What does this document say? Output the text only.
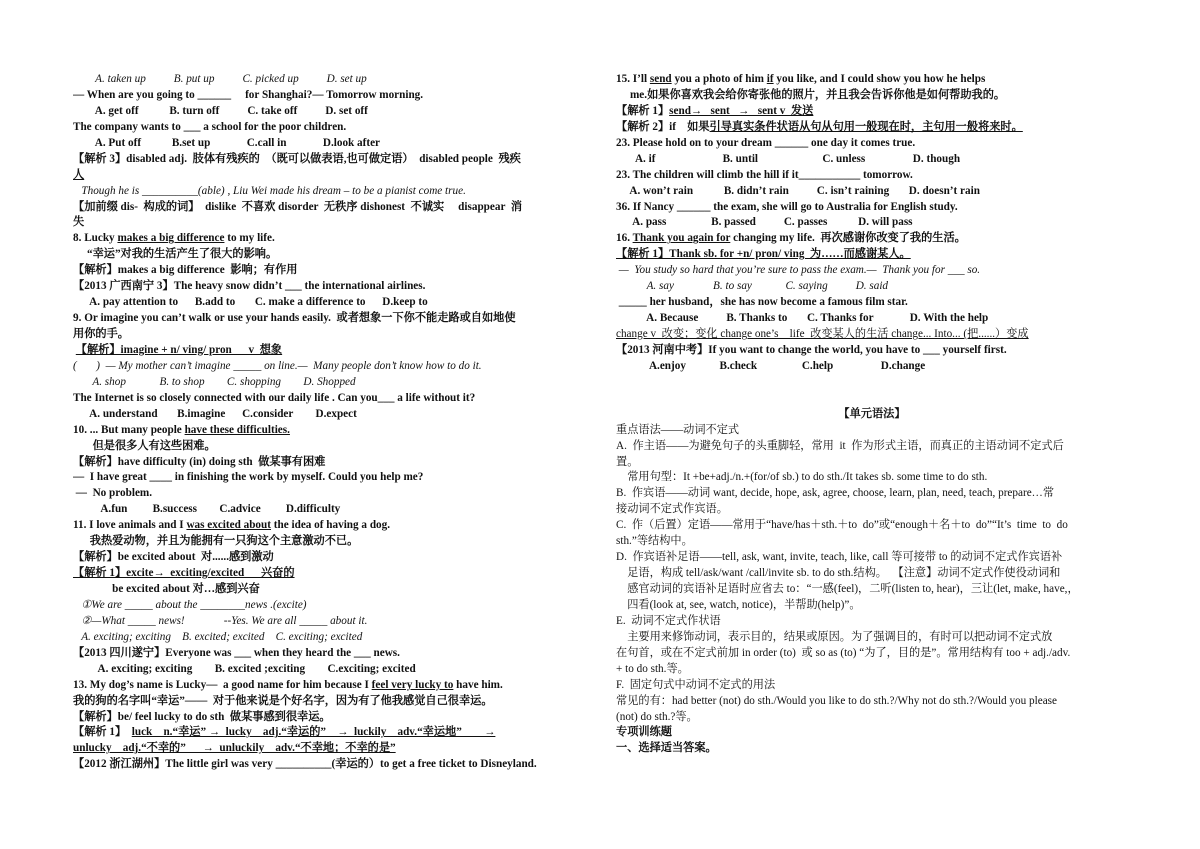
A. taken up          B. put up          C. picked up          D. set up
— When are you going to ______     for Shanghai?— Tomorrow morning.
A. get off           B. turn off          C. take off          D. set off
The company wants to ___ a school for the poor children.
A. Put off           B.set up             C.call in             D.look after
【解析 3】disabled adj.  肢体有残疾的  （既可以做表语,也可做定语）  disabled people  残疾
人
Though he is __________(able) , Liu Wei made his dream – to be a pianist come true.
【加前缀 dis-  构成的词】  dislike  不喜欢 disorder  无秩序 dishonest  不诚实     disappear  消
失
8. Lucky makes a big difference to my life.
“幸运”对我的生活产生了很大的影响。
【解析】makes a big difference  影响；有作用
【2013 广西南宁 3】The heavy snow didn’t ___ the international airlines.
A. pay attention to      B.add to       C. make a difference to      D.keep to
9. Or imagine you can’t walk or use your hands easily.  或者想象一下你不能走路或自如地使
用你的手。
【解析】imagine + n/ ving/ pron      v  想象
(       )  — My mother can’t imagine _____ on line.—  Many people don’t know how to do it.
A. shop            B. to shop        C. shopping        D. Shopped
The Internet is so closely connected with our daily life . Can you___ a life without it?
A. understand       B.imagine      C.consider        D.expect
10. ... But many people have these difficulties.
但是很多人有这些困难。
【解析】have difficulty (in) doing sth  做某事有困难
—  I have great ____ in finishing the work by myself. Could you help me?
—  No problem.
A.fun         B.success        C.advice         D.difficulty
11. I love animals and I was excited about the idea of having a dog.
我热爱动物，并且为能拥有一只狗这个主意激动不已。
【解析】be excited about  对......感到激动
【解析 1】excite→  exciting/excited      兴奋的
be excited about 对…感到兴奋
①We are _____ about the ________news .(excite)
②—What _____ news!              --Yes. We are all _____ about it.
A. exciting; exciting    B. excited; excited    C. exciting; excited
【2013 四川遂宁】Everyone was ___ when they heard the ___ news.
A. exciting; exciting        B. excited ;exciting        C.exciting; excited
13. My dog’s name is Lucky—  a good name for him because I feel very lucky to have him.
我的狗的名字叫“幸运”——  对于他来说是个好名字，因为有了他我感觉自己很幸运。
【解析】be/ feel lucky to do sth  做某事感到很幸运。
【解析 1】  luck    n.“幸运” →  lucky    adj.“幸运的”    →  luckily    adv.“幸运地”        →
unlucky    adj.“不幸的”      →  unluckily    adv.“不幸地；不幸的是”
【2012 浙江湖州】The little girl was very __________(幸运的）to get a free ticket to Disneyland.
15. I’ll send you a photo of him if you like, and I could show you how he helps
me.如果你喜欢我会给你寄张他的照片，并且我会告诉你他是如何帮助我的。
【解析 1】send→   sent   →   sent v  发送
【解析 2】if    如果引导真实条件状语从句从句用一般现在时，主句用一般将来时。
23. Please hold on to your dream ______ one day it comes true.
A. if                        B. until                       C. unless                 D. though
23. The children will climb the hill if it___________ tomorrow.
A. won’t rain           B. didn’t rain          C. isn’t raining       D. doesn’t rain
36. If Nancy ______ the exam, she will go to Australia for English study.
A. pass                B. passed          C. passes           D. will pass
16. Thank you again for changing my life.  再次感谢你改变了我的生活。
【解析 1】Thank sb. for +n/ pron/ ving  为……而感谢某人。
—  You study so hard that you’re sure to pass the exam.—  Thank you for ___ so.
A. say              B. to say            C. saying          D. said
_____ her husband，she has now become a famous film star.
A. Because          B. Thanks to       C. Thanks for             D. With the help
change v  改变；变化 change one’s    life  改变某人的生活 change... Into... (把......）变成
【2013 河南中考】If you want to change the world, you have to ___ yourself first.
A.enjoy            B.check                C.help                 D.change
【单元语法】
重点语法——动词不定式
A.  作主语——为避免句子的头重脚轻，常用  it  作为形式主语，而真正的主语动词不定式后
置。
常用句型：It +be+adj./n.+(for/of sb.) to do sth./It takes sb. some time to do sth.
B.  作宾语——动词 want, decide, hope, ask, agree, choose, learn, plan, need, teach, prepare…常
接动词不定式作宾语。
C.  作（后置）定语——常用于“have/has＋sth.＋to  do”或“enough＋名＋to  do”“It’s  time  to  do
sth.”等结构中。
D.  作宾语补足语——tell, ask, want, invite, teach, like, call 等可接带 to 的动词不定式作宾语补
足语，构成 tell/ask/want /call/invite sb. to do sth.结构。  【注意】动词不定式作使役动词和
感官动词的宾语补足语时应省去 to：“一感(feel)，二听(listen to, hear)，三让(let, make, have,，
四看(look at, see, watch, notice)，半帮助(help)”。
E.  动词不定式作状语
主要用来修饰动词，表示目的，结果或原因。为了强调目的，有时可以把动词不定式放
在句首，或在不定式前加 in order (to)  或 so as (to) “为了，目的是”。常用结构有 too + adj./adv.
+ to do sth.等。
F.  固定句式中动词不定式的用法
常见的有：had better (not) do sth./Would you like to do sth.?/Why not do sth.?/Would you please
(not) do sth.?等。
专项训练题
一、选择适当答案。
